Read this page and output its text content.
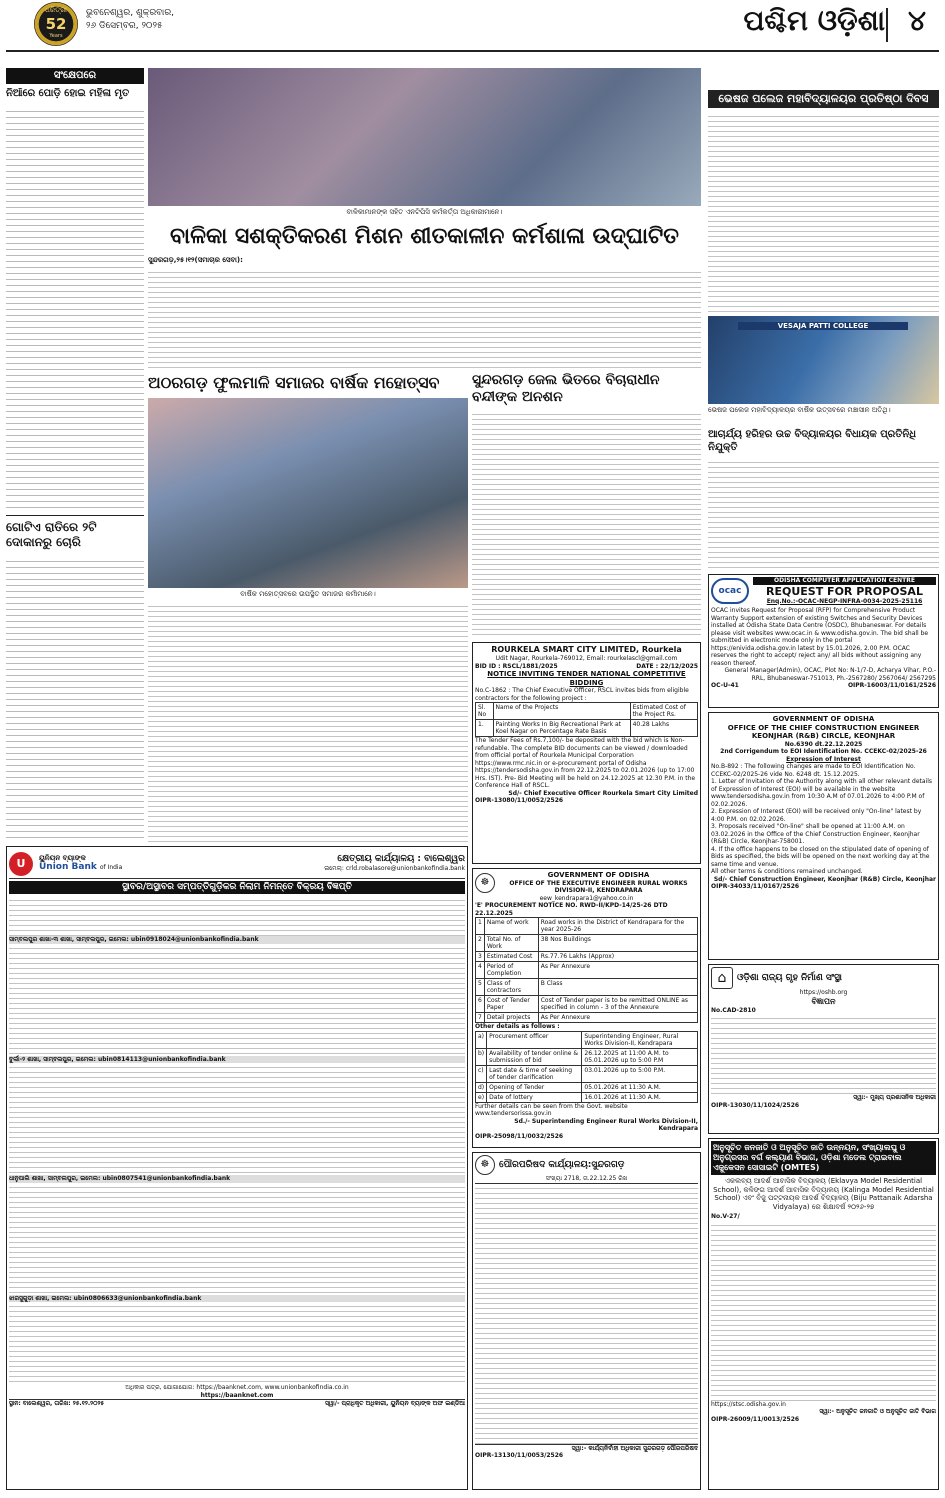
ଧରିତ୍ରୀ
52
Years
ଭୁବନେଶ୍ୱର, ଶୁକ୍ରବାର,
୨୬ ଡିସେମ୍ବର, ୨୦୨୫	ପଶ୍ଚିମ ଓଡ଼ିଶା ୪
ସଂକ୍ଷେପରେ
ନିଆଁରେ ପୋଡ଼ି ହୋଇ ମହିଳା ମୃତ
ଗୋଟିଏ ରାତିରେ ୨ଟି ଦୋକାନରୁ ଚୋରି
ବାଳିକାମାନଙ୍କ ସହିତ ଏନଟିପିସି କର୍ମକର୍ତ୍ତା ଅଧିକାରୀମାନେ।
ବାଳିକା ସଶକ୍ତିକରଣ ମିଶନ ଶୀତକାଳୀନ କର୍ମଶାଳା ଉଦ୍‌ଘାଟିତ
ସୁନ୍ଦରଗଡ଼,୨୫।୧୨(ସମାଚାର ସେବା):
ଅଠରଗଡ଼ ଫୁଲମାଳି ସମାଜର ବାର୍ଷିକ ମହୋତ୍ସବ
ବାର୍ଷିକ ମହୋତ୍ସବରେ ଉପସ୍ଥିତ ସମାଜର କର୍ମୀମାନେ।
ସୁନ୍ଦରଗଡ଼ ଜେଲ ଭିତରେ ବିଚାରାଧୀନ ବନ୍ଦୀଙ୍କ ଅନଶନ
ROURKELA SMART CITY LIMITED, Rourkela
Udit Nagar, Rourkela-769012, Email: rourkelascl@gmail.com
BID ID : RSCL/1881/2025	DATE : 22/12/2025
NOTICE INVITING TENDER NATIONAL COMPETITIVE BIDDING
No.C-1862 : The Chief Executive Officer, RSCL invites bids from eligible contractors for the following project :
Sl. No	Name of the Projects	Estimated Cost of the Project Rs.
1.	Painting Works In Big Recreational Park at Koel Nagar on Percentage Rate Basis	40.28 Lakhs
The Tender Fees of Rs.7,100/- be deposited with the bid which is Non-refundable. The complete BID documents can be viewed / downloaded from official portal of Rourkela Municipal Corporation https://www.rmc.nic.in or e-procurement portal of Odisha https://tendersodisha.gov.in from 22.12.2025 to 02.01.2026 (up to 17:00 Hrs. IST). Pre- Bid Meeting will be held on 24.12.2025 at 12.30 P.M. in the Conference Hall of RSCL.
Sd/- Chief Executive Officer Rourkela Smart City Limited
OIPR-13080/11/0052/2526
ଭେଷଜ ପଲେଜ ମହାବିଦ୍ୟାଳୟର ପ୍ରତିଷ୍ଠା ଦିବସ
VESAJA PATTI COLLEGE
ଭେଷଜ ପଲେଜ ମହାବିଦ୍ୟାଳୟର ବାର୍ଷିକ ଉତ୍ସବରେ ମଞ୍ଚାସୀନ ଅତିଥି।
ଆଚାର୍ଯ୍ୟ ହରିହର ଉଚ୍ଚ ବିଦ୍ୟାଳୟର ବିଧାୟକ ପ୍ରତିନିଧି ନିଯୁକ୍ତି
ocac
ODISHA COMPUTER APPLICATION CENTRE
REQUEST FOR PROPOSAL
Enq.No.:-OCAC-NEGP-INFRA-0034-2025-25116
OCAC invites Request for Proposal (RFP) for Comprehensive Product Warranty Support extension of existing Switches and Security Devices installed at Odisha State Data Centre (OSDC), Bhubaneswar. For details please visit websites www.ocac.in & www.odisha.gov.in. The bid shall be submitted in electronic mode only in the portal https://enivida.odisha.gov.in latest by 15.01.2026, 2.00 P.M. OCAC reserves the right to accept/ reject any/ all bids without assigning any reason thereof.
General Manager(Admin), OCAC, Plot No: N-1/7-D, Acharya Vihar, P.O.-RRL, Bhubaneswar-751013, Ph.-2567280/ 2567064/ 2567295
OC-U-41	OIPR-16003/11/0161/2526
GOVERNMENT OF ODISHA
OFFICE OF THE CHIEF CONSTRUCTION ENGINEER KEONJHAR (R&B) CIRCLE, KEONJHAR
No.6390 dt.22.12.2025
2nd Corrigendum to EOI Identification No. CCEKC-02/2025-26
Expression of Interest
No.B-892 : The following changes are made to EOI Identification No. CCEKC-02/2025-26 vide No. 6248 dt. 15.12.2025.
1. Letter of Invitation of the Authority along with all other relevant details of Expression of Interest (EOI) will be available in the website www.tendersodisha.gov.in from 10:30 A.M of 07.01.2026 to 4:00 P.M of 02.02.2026.
2. Expression of Interest (EOI) will be received only "On-line" latest by 4:00 P.M. on 02.02.2026.
3. Proposals received "On-line" shall be opened at 11:00 A.M. on 03.02.2026 in the Office of the Chief Construction Engineer, Keonjhar (R&B) Circle, Keonjhar-758001.
4. If the office happens to be closed on the stipulated date of opening of Bids as specified, the bids will be opened on the next working day at the same time and venue.
All other terms & conditions remained unchanged.
Sd/- Chief Construction Engineer, Keonjhar (R&B) Circle, Keonjhar
OIPR-34033/11/0167/2526
⌂	ଓଡ଼ିଶା ରାଜ୍ୟ ଗୃହ ନିର୍ମାଣ ସଂସ୍ଥା
https://oshb.org
ବିଜ୍ଞାପନ
No.CAD-2810
ସ୍ୱା:- ମୁଖ୍ୟ ପ୍ରଶାସନିକ ଅଧିକାରୀ
OIPR-13030/11/1024/2526
ଅନୁସୂଚିତ ଜନଜାତି ଓ ଅନୁସୂଚିତ ଜାତି ଉନ୍ନୟନ, ସଂଖ୍ୟାଲଘୁ ଓ ଅନୁଗ୍ରସର ବର୍ଗ କଲ୍ୟାଣ ବିଭାଗ, ଓଡ଼ିଶା ମଡେଲ ଟ୍ରାଇବାଲ ଏଜୁକେସନ ସୋସାଇଟି (OMTES)
ଏକଲବ୍ୟ ଆଦର୍ଶ ଆବାସିକ ବିଦ୍ୟାଳୟ (Eklavya Model Residential School), କଳିଙ୍ଗ ଆଦର୍ଶ ଆବାସିକ ବିଦ୍ୟାଳୟ (Kalinga Model Residential School) ଏବଂ ବିଜୁ ପଟ୍ଟନାୟକ ଆଦର୍ଶ ବିଦ୍ୟାଳୟ (Biju Pattanaik Adarsha Vidyalaya) ରେ ଶିକ୍ଷାବର୍ଷ ୨୦୨୬-୨୭
No.V-27/
https://stsc.odisha.gov.in
ସ୍ୱା:- ଅନୁସୂଚିତ ଜନଜାତି ଓ ଅନୁସୂଚିତ ଜାତି ବିଭାଗ
OIPR-26009/11/0013/2526
☸
GOVERNMENT OF ODISHA
OFFICE OF THE EXECUTIVE ENGINEER RURAL WORKS DIVISION-II, KENDRAPARA
eew_kendrapara1@yahoo.co.in
'E' PROCUREMENT NOTICE NO. RWD-II/KPD-14/25-26 DTD 22.12.2025
1	Name of work	Road works in the District of Kendrapara for the year 2025-26
2	Total No. of Work	38 Nos Buildings
3	Estimated Cost	Rs.77.76 Lakhs (Approx)
4	Period of Completion	As Per Annexure
5	Class of contractors	B Class
6	Cost of Tender Paper	Cost of Tender paper is to be remitted ONLINE as specified in column - 3 of the Annexure
7	Detail projects	As Per Annexure
Other details as follows :
a)	Procurement officer	Superintending Engineer, Rural Works Division-II, Kendrapara
b)	Availability of tender online & submission of bid	26.12.2025 at 11:00 A.M. to 05.01.2026 up to 5:00 P.M
c)	Last date & time of seeking of tender clarification	03.01.2026 up to 5:00 P.M.
d)	Opening of Tender	05.01.2026 at 11:30 A.M.
e)	Date of lottery	16.01.2026 at 11:30 A.M.
Further details can be seen from the Govt. website www.tendersorissa.gov.in
Sd./- Superintending Engineer Rural Works Division-II, Kendrapara
OIPR-25098/11/0032/2526
☸	ପୌରପରିଷଦ କାର୍ଯ୍ୟାଳୟ:ସୁନ୍ଦରଗଡ଼
ସଂଖ୍ୟା 2718, ତା.22.12.25 ରିଖ
ସ୍ୱା:- କାର୍ଯ୍ୟନିର୍ବାହୀ ଅଧିକାରୀ ସୁନ୍ଦରଗଡ଼ ପୌରପରିଷଦ
OIPR-13130/11/0053/2526
U	ୟୁନିୟନ ବ୍ୟାଙ୍କ
Union Bank of India
କ୍ଷେତ୍ରୀୟ କାର୍ଯ୍ୟାଳୟ : ବାଲେଶ୍ୱର
ଇମେଲ୍: crld.robalasore@unionbankofindia.bank
ସ୍ଥାବର/ଅସ୍ଥାବର ସମ୍ପତ୍ତିଗୁଡ଼ିକର ନିଲାମ ନିମନ୍ତେ ବିକ୍ରୟ ବିଜ୍ଞପ୍ତି
ସାମ୍ବଲପୁର ଶାଖା-୩ ଶାଖା, ସାମ୍ବଲପୁର, ଇମେଲ: ubin0918024@unionbankofindia.bank
ବୁର୍ଲା-୨ ଶାଖା, ସାମ୍ବଲପୁର, ଇମେଲ: ubin0814113@unionbankofindia.bank
ଧାନୁପାଲି ଶାଖା, ସାମ୍ବଲପୁର, ଇମେଲ: ubin0807541@unionbankofindia.bank
ଝାରସୁଗୁଡ଼ା ଶାଖା, ଇମେଲ: ubin0806633@unionbankofindia.bank
ଅଧିକାର ପତ୍ର, ଯୋଗାଯୋଗ: https://baanknet.com, www.unionbankofindia.co.in
https://baanknet.com
ସ୍ଥାନ: ବାଲେଶ୍ୱର, ତାରିଖ: ୨୫.୧୨.୨୦୨୫	ସ୍ୱା/- ପ୍ରାଧିକୃତ ଅଧିକାରୀ, ୟୁନିୟନ ବ୍ୟାଙ୍କ ଅଫ ଇଣ୍ଡିଆ
